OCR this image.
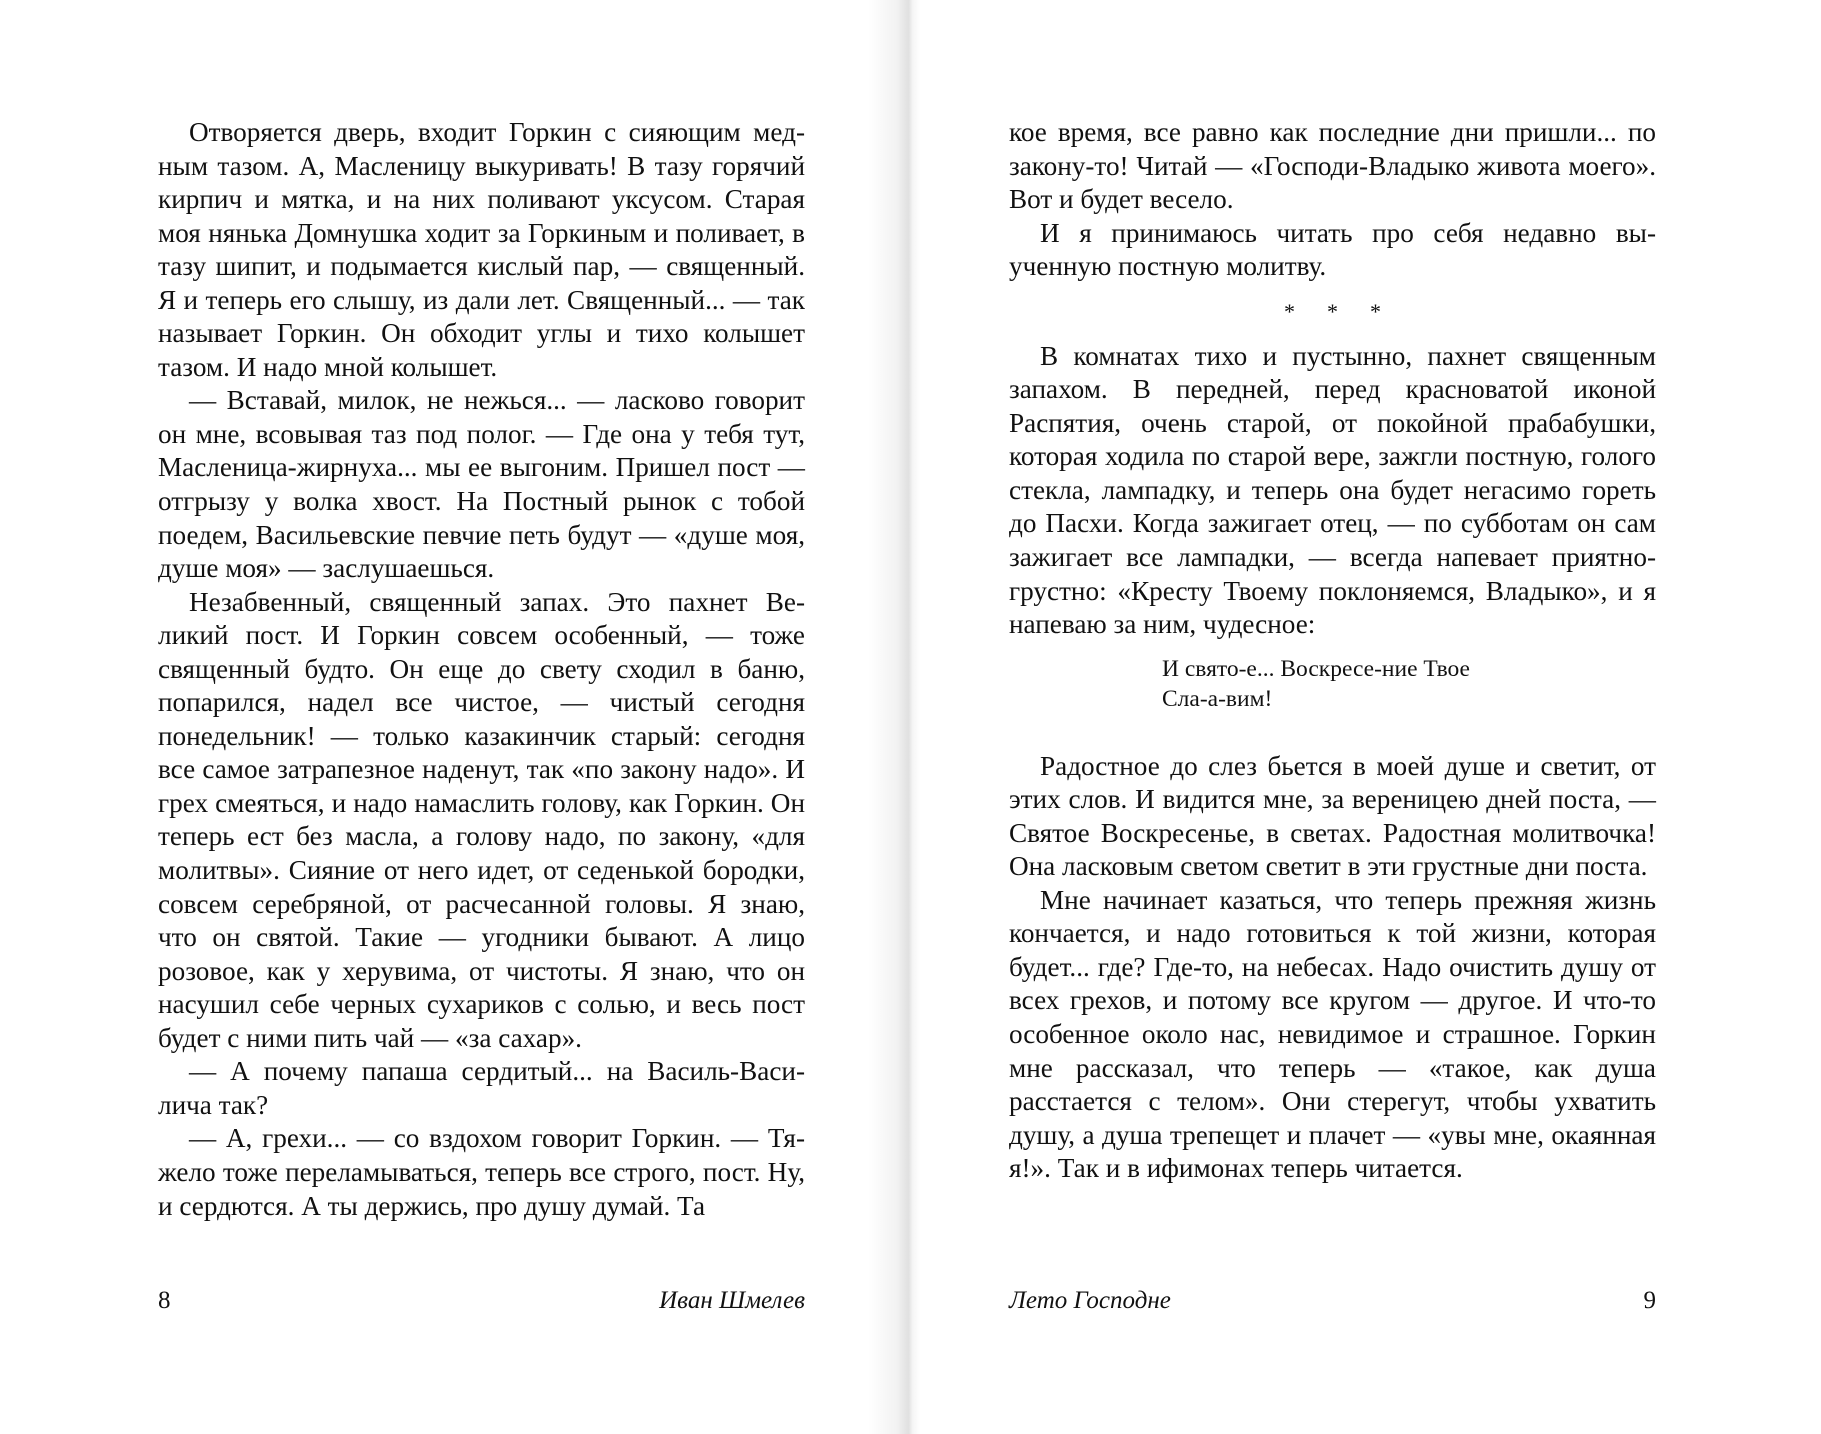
Отворяется дверь, входит Горкин с сияющим медным тазом. А, Масленицу выкуривать! В тазу горячий кирпич и мятка, и на них поливают уксусом. Старая моя нянька Домнушка ходит за Горкиным и поливает, в тазу шипит, и подымается кислый пар, — священный. Я и теперь его слышу, из дали лет. Священный... — так называет Горкин. Он обходит углы и тихо колышет тазом. И надо мной колышет.

— Вставай, милок, не нежься... — ласково говорит он мне, всовывая таз под полог. — Где она у тебя тут, Масленица-жирнуха... мы ее выгоним. Пришел пост — отгрызу у волка хвост. На Постный рынок с тобой поедем, Васильевские певчие петь будут — «душе моя, душе моя» — заслушаешься.

Незабвенный, священный запах. Это пахнет Великий пост. И Горкин совсем особенный, — тоже священный будто. Он еще до свету сходил в баню, попарился, надел все чистое, — чистый сегодня понедельник! — только казакинчик старый: сегодня все самое затрапезное наденут, так «по закону надо». И грех смеяться, и надо намаслить голову, как Горкин. Он теперь ест без масла, а голову надо, по закону, «для молитвы». Сияние от него идет, от седенькой бородки, совсем серебряной, от расчесанной головы. Я знаю, что он святой. Такие — угодники бывают. А лицо розовое, как у херувима, от чистоты. Я знаю, что он насушил себе черных сухариков с солью, и весь пост будет с ними пить чай — «за сахар».

— А почему папаша сердитый... на Василь-Василича так?

— А, грехи... — со вздохом говорит Горкин. — Тяжело тоже переламываться, теперь все строго, пост. Ну, и сердются. А ты держись, про душу думай. Та

8	Иван Шмелев

кое время, все равно как последние дни пришли... по закону-то! Читай — «Господи-Владыко живота моего». Вот и будет весело.

И я принимаюсь читать про себя недавно выученную постную молитву.

* * *

В комнатах тихо и пустынно, пахнет священным запахом. В передней, перед красноватой иконой Распятия, очень старой, от покойной прабабушки, которая ходила по старой вере, зажгли постную, голого стекла, лампадку, и теперь она будет негасимо гореть до Пасхи. Когда зажигает отец, — по субботам он сам зажигает все лампадки, — всегда напевает приятно-грустно: «Кресту Твоему поклоняемся, Владыко», и я напеваю за ним, чудесное:

И свято-е... Воскресе-ние Твое
Сла-а-вим!

Радостное до слез бьется в моей душе и светит, от этих слов. И видится мне, за вереницею дней поста, — Святое Воскресенье, в светах. Радостная молитвочка! Она ласковым светом светит в эти грустные дни поста.

Мне начинает казаться, что теперь прежняя жизнь кончается, и надо готовиться к той жизни, которая будет... где? Где-то, на небесах. Надо очистить душу от всех грехов, и потому все кругом — другое. И что-то особенное около нас, невидимое и страшное. Горкин мне рассказал, что теперь — «такое, как душа расстается с телом». Они стерегут, чтобы ухватить душу, а душа трепещет и плачет — «увы мне, окаянная я!». Так и в ифимонах теперь читается.

Лето Господне	9
